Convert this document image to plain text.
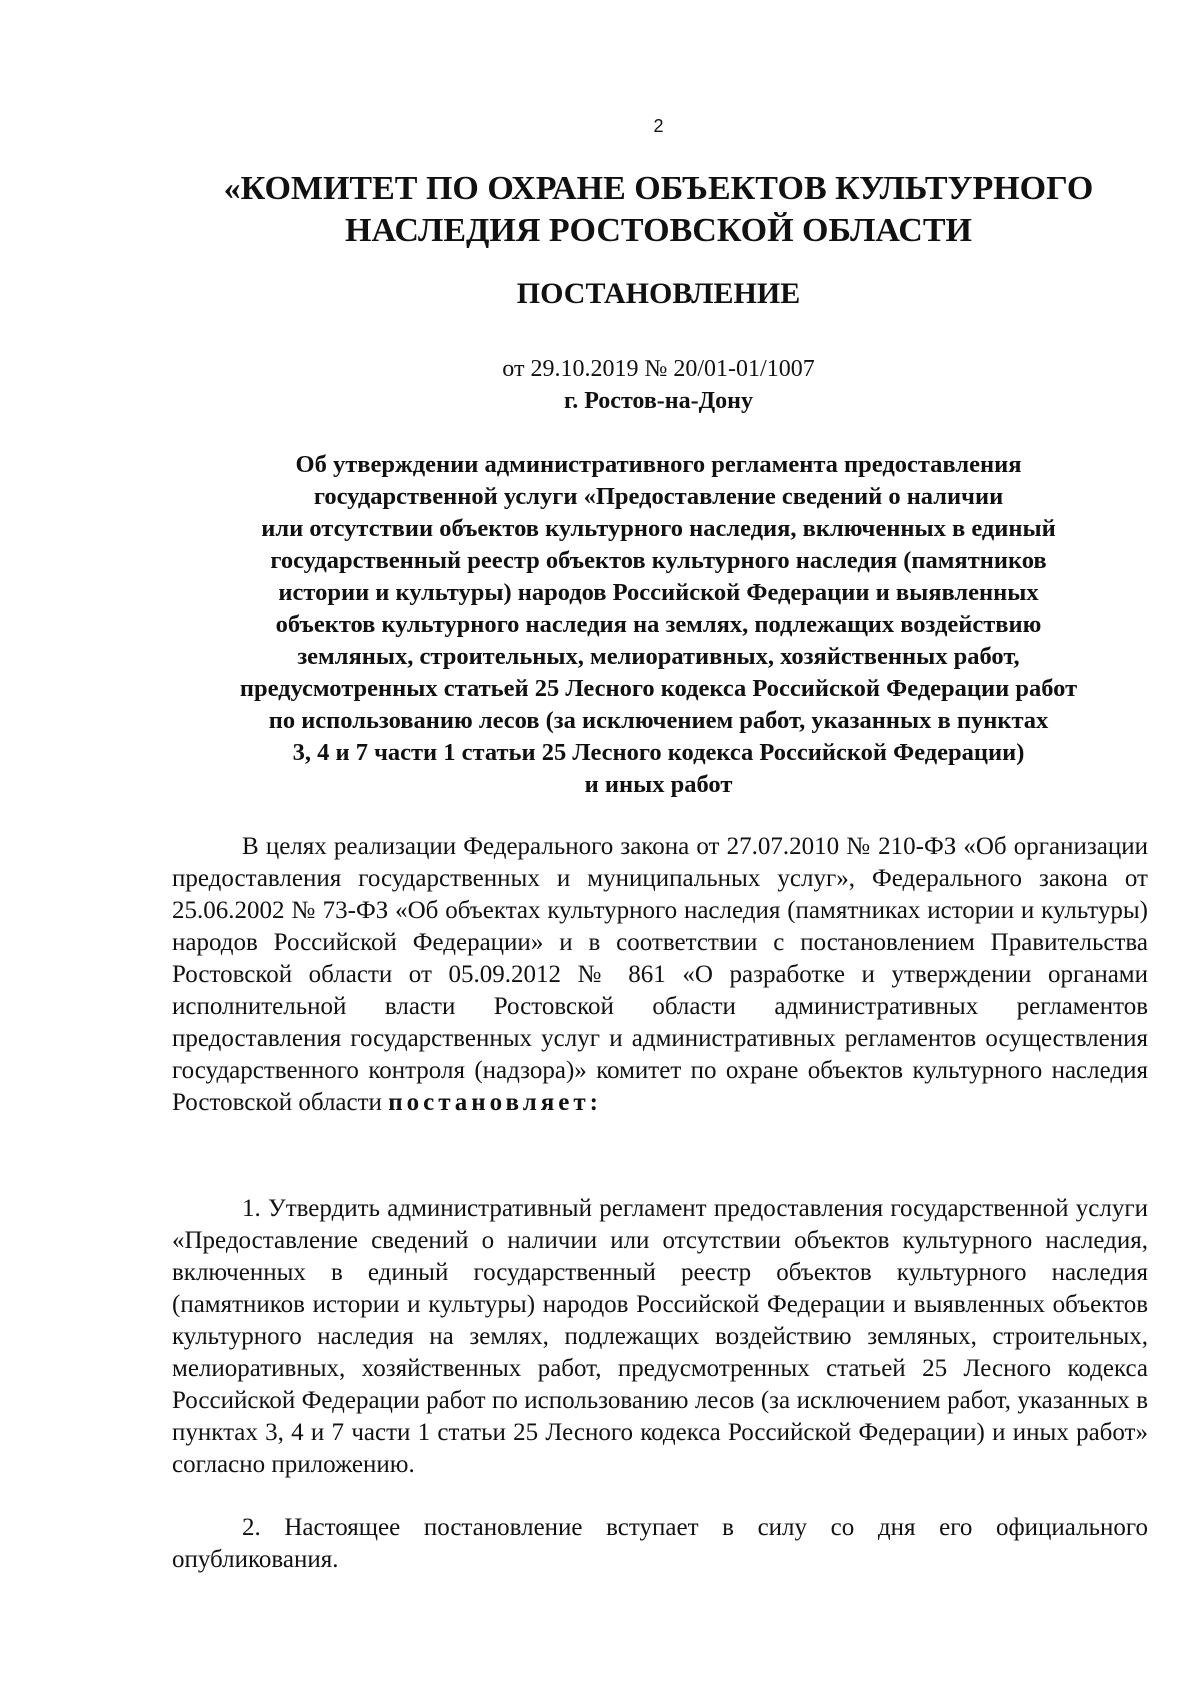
2
«КОМИТЕТ ПО ОХРАНЕ ОБЪЕКТОВ КУЛЬТУРНОГО
НАСЛЕДИЯ РОСТОВСКОЙ ОБЛАСТИ
ПОСТАНОВЛЕНИЕ
от 29.10.2019 № 20/01-01/1007
г. Ростов-на-Дону
Об утверждении административного регламента предоставления
государственной услуги «Предоставление сведений о наличии
или отсутствии объектов культурного наследия, включенных в единый
государственный реестр объектов культурного наследия (памятников
истории и культуры) народов Российской Федерации и выявленных
объектов культурного наследия на землях, подлежащих воздействию
земляных, строительных, мелиоративных, хозяйственных работ,
предусмотренных статьей 25 Лесного кодекса Российской Федерации работ
по использованию лесов (за исключением работ, указанных в пунктах
3, 4 и 7 части 1 статьи 25 Лесного кодекса Российской Федерации)
и иных работ

В целях реализации Федерального закона от 27.07.2010 № 210-ФЗ «Об организации предоставления государственных и муниципальных услуг», Федерального закона от 25.06.2002 № 73-ФЗ «Об объектах культурного наследия (памятниках истории и культуры) народов Российской Федерации» и в соответствии с постановлением Правительства Ростовской области от 05.09.2012 № 861 «О разработке и утверждении органами исполнительной власти Ростовской области административных регламентов предоставления государственных услуг и административных регламентов осуществления государственного контроля (надзора)» комитет по охране объектов культурного наследия Ростовской области постановляет:

1. Утвердить административный регламент предоставления государственной услуги «Предоставление сведений о наличии или отсутствии объектов культурного наследия, включенных в единый государственный реестр объектов культурного наследия (памятников истории и культуры) народов Российской Федерации и выявленных объектов культурного наследия на землях, подлежащих воздействию земляных, строительных, мелиоративных, хозяйственных работ, предусмотренных статьей 25 Лесного кодекса Российской Федерации работ по использованию лесов (за исключением работ, указанных в пунктах 3, 4 и 7 части 1 статьи 25 Лесного кодекса Российской Федерации) и иных работ» согласно приложению.

2. Настоящее постановление вступает в силу со дня его официального опубликования.
